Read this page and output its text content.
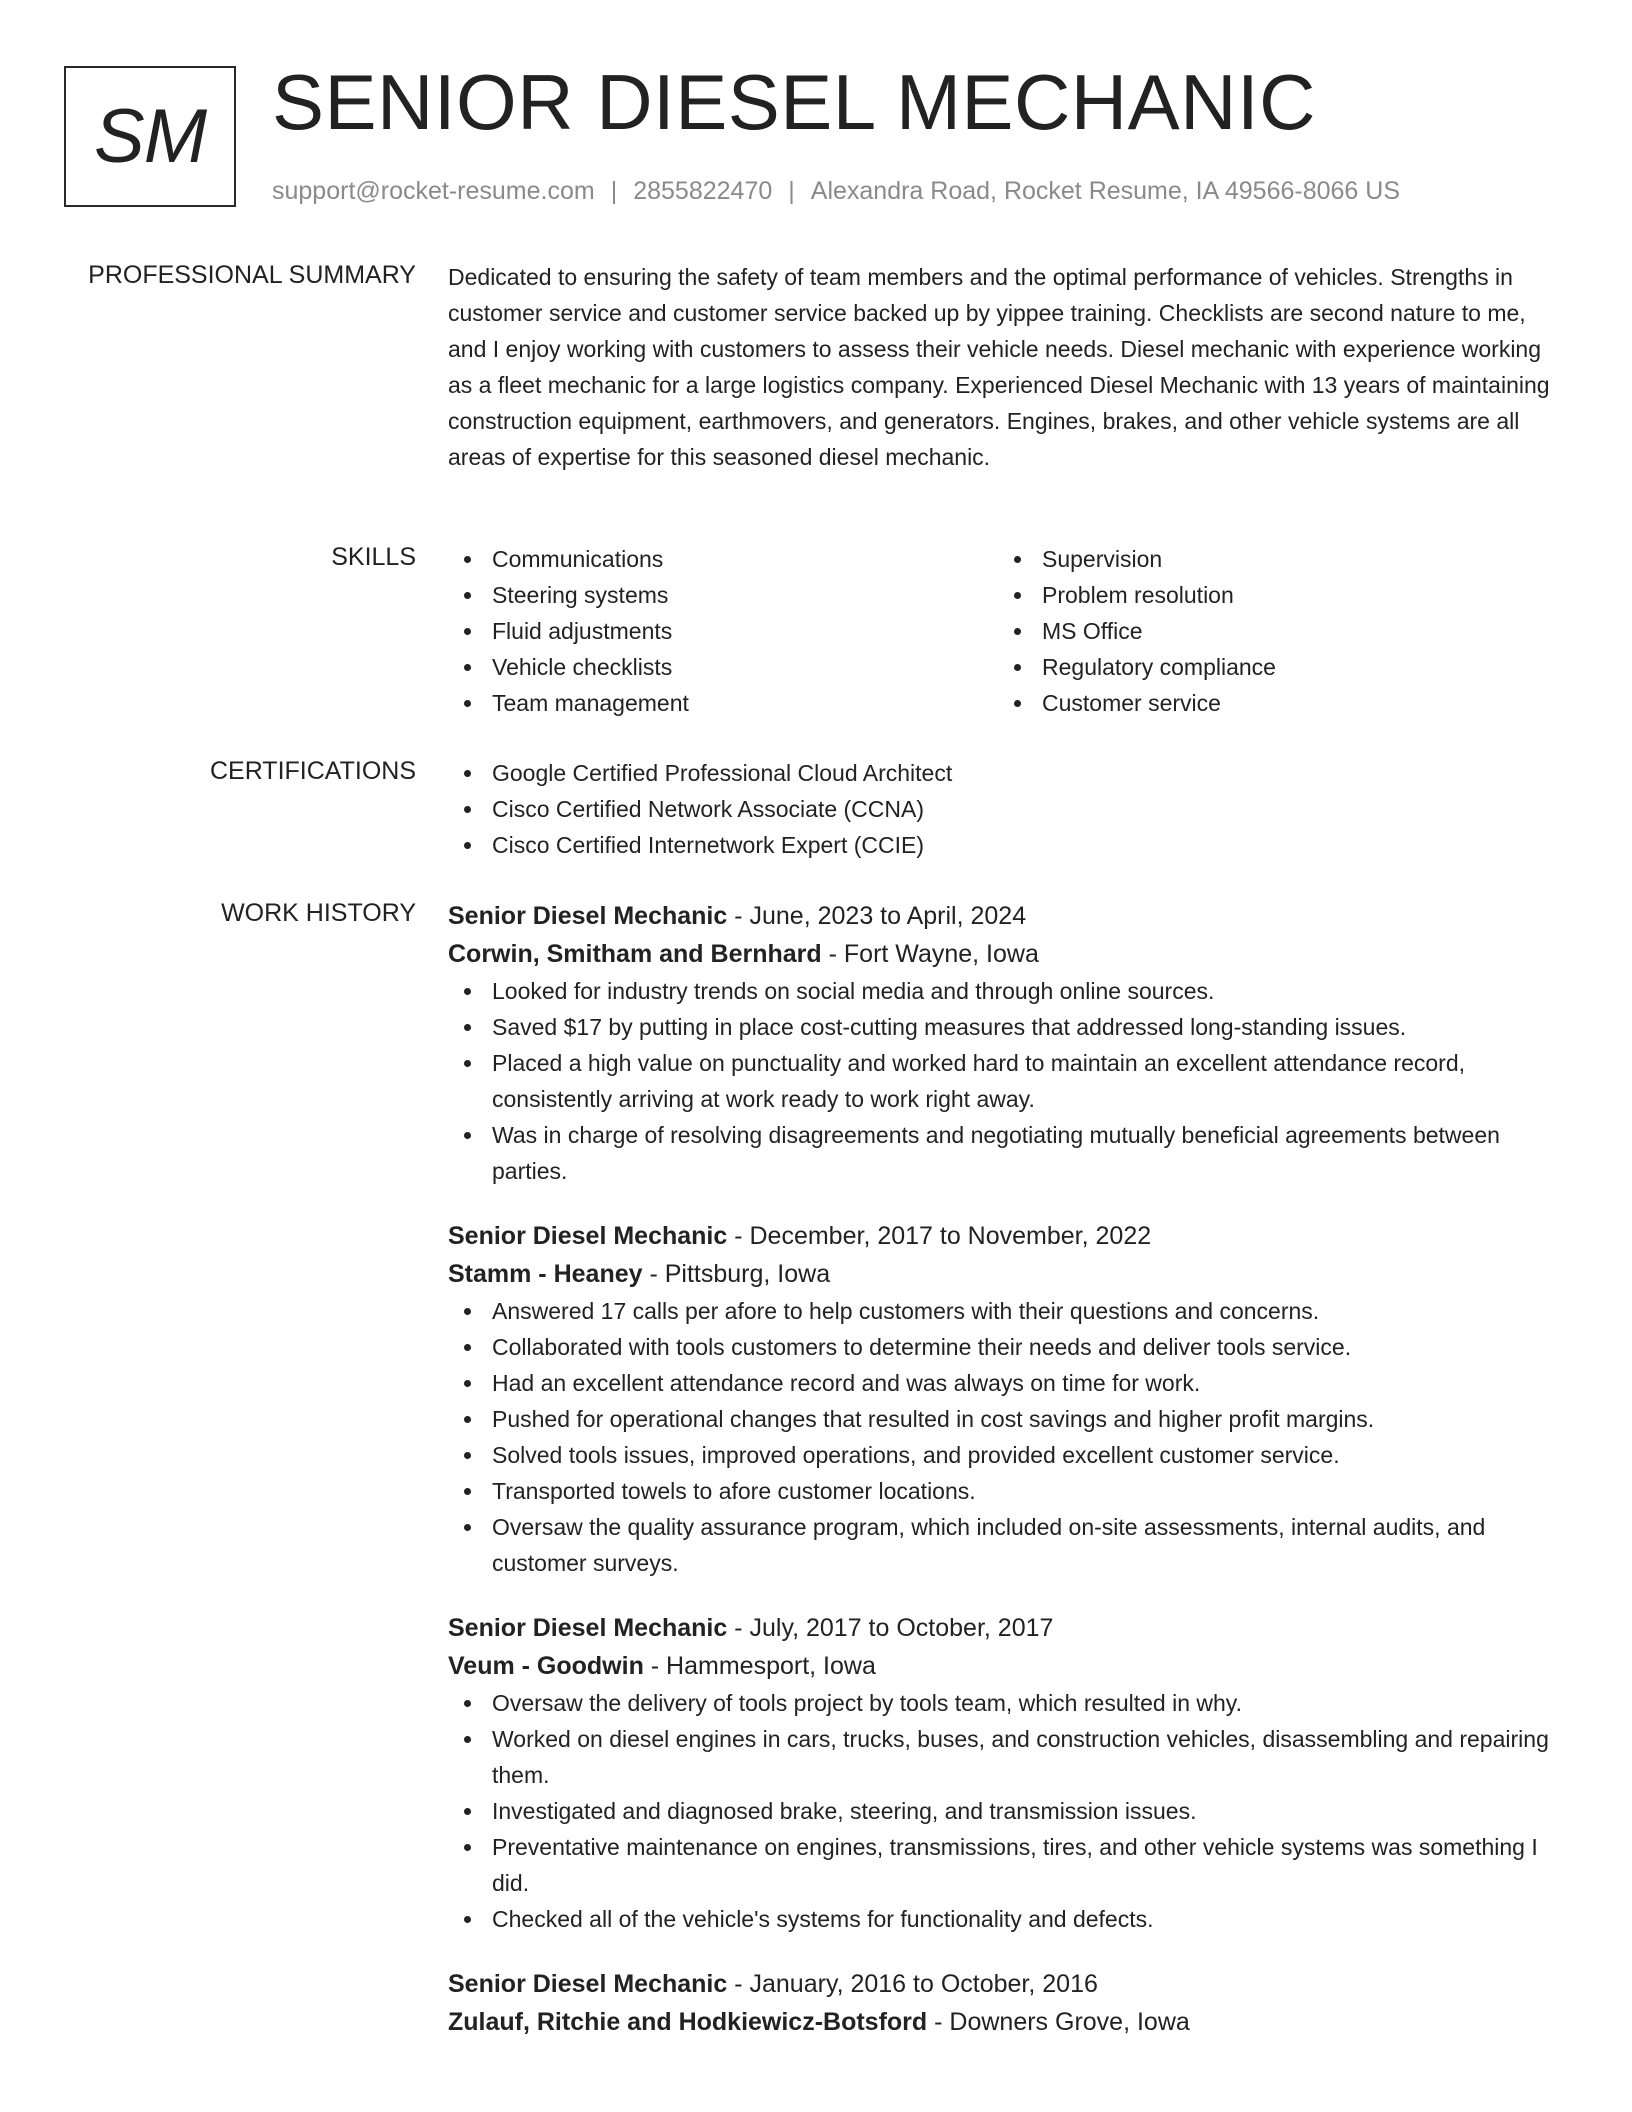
SM SENIOR DIESEL MECHANIC
support@rocket-resume.com | 2855822470 | Alexandra Road, Rocket Resume, IA 49566-8066 US
PROFESSIONAL SUMMARY Dedicated to ensuring the safety of team members and the optimal performance of vehicles. Strengths in customer service and customer service backed up by yippee training. Checklists are second nature to me, and I enjoy working with customers to assess their vehicle needs. Diesel mechanic with experience working as a fleet mechanic for a large logistics company. Experienced Diesel Mechanic with 13 years of maintaining construction equipment, earthmovers, and generators. Engines, brakes, and other vehicle systems are all areas of expertise for this seasoned diesel mechanic.

SKILLS	Communications
Steering systems
Fluid adjustments
Vehicle checklists
Team management
Supervision
Problem resolution
MS Office
Regulatory compliance
Customer service
CERTIFICATIONS	Google Certified Professional Cloud Architect
Cisco Certified Network Associate (CCNA)
Cisco Certified Internetwork Expert (CCIE)
WORK HISTORY Senior Diesel Mechanic - June, 2023 to April, 2024
Corwin, Smitham and Bernhard - Fort Wayne, Iowa
Looked for industry trends on social media and through online sources.
Saved $17 by putting in place cost-cutting measures that addressed long-standing issues.
Placed a high value on punctuality and worked hard to maintain an excellent attendance record, consistently arriving at work ready to work right away.
Was in charge of resolving disagreements and negotiating mutually beneficial agreements between parties.
Senior Diesel Mechanic - December, 2017 to November, 2022
Stamm - Heaney - Pittsburg, Iowa
Answered 17 calls per afore to help customers with their questions and concerns.
Collaborated with tools customers to determine their needs and deliver tools service.
Had an excellent attendance record and was always on time for work.
Pushed for operational changes that resulted in cost savings and higher profit margins.
Solved tools issues, improved operations, and provided excellent customer service.
Transported towels to afore customer locations.
Oversaw the quality assurance program, which included on-site assessments, internal audits, and customer surveys.
Senior Diesel Mechanic - July, 2017 to October, 2017
Veum - Goodwin - Hammesport, Iowa
Oversaw the delivery of tools project by tools team, which resulted in why.
Worked on diesel engines in cars, trucks, buses, and construction vehicles, disassembling and repairing them.
Investigated and diagnosed brake, steering, and transmission issues.
Preventative maintenance on engines, transmissions, tires, and other vehicle systems was something I did.
Checked all of the vehicle's systems for functionality and defects.
Senior Diesel Mechanic - January, 2016 to October, 2016
Zulauf, Ritchie and Hodkiewicz-Botsford - Downers Grove, Iowa
